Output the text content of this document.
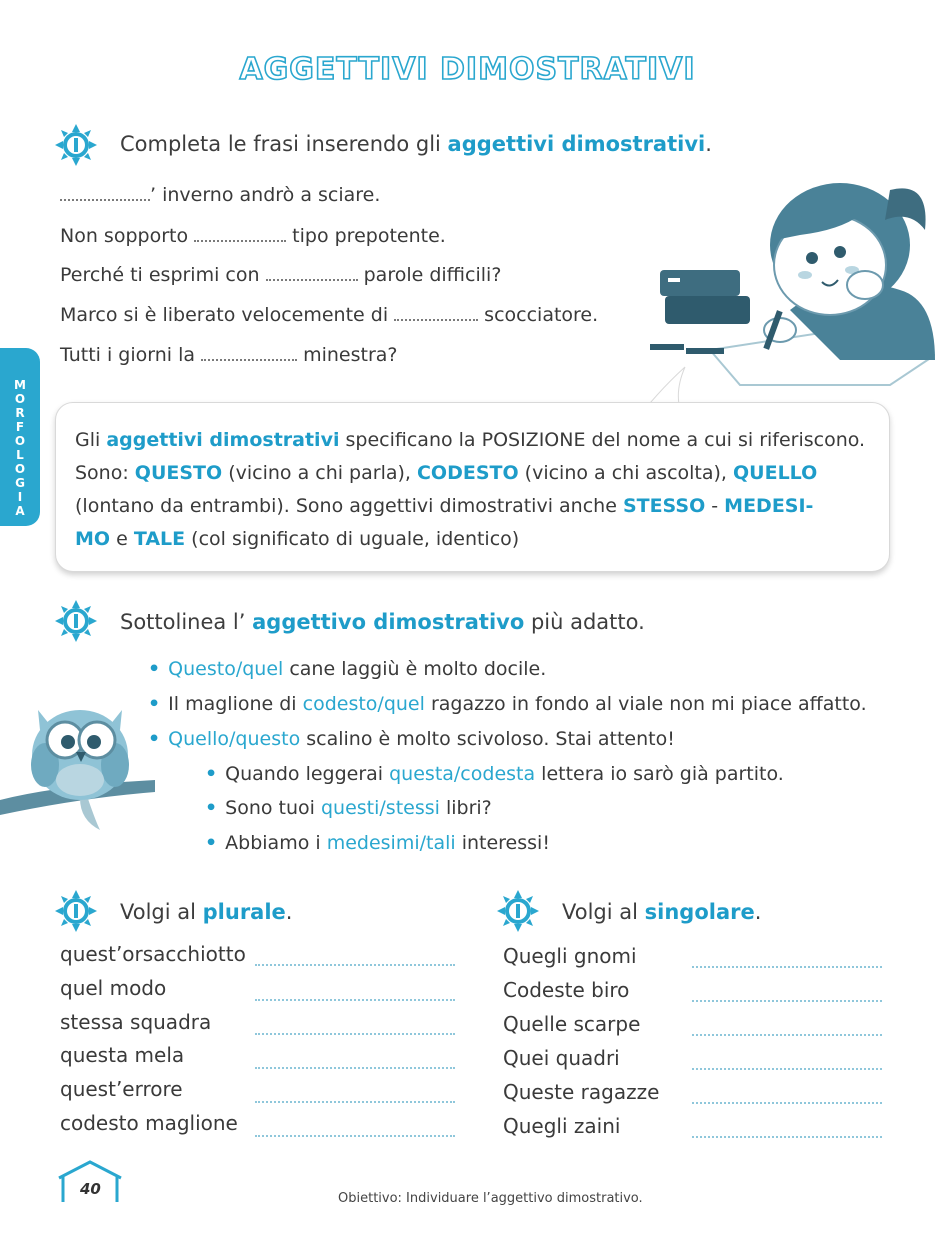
AGGETTIVI DIMOSTRATIVI
M
O
R
F
O
L
O
G
I
A
Completa le frasi inserendo gli aggettivi dimostrativi.
’ inverno andrò a sciare.
Non sopporto	tipo prepotente.
Perché ti esprimi con	parole difficili?
Marco si è liberato velocemente di	scocciatore.
Tutti i giorni la	minestra?
Gli aggettivi dimostrativi specificano la POSIZIONE del nome a cui si riferiscono.
Sono: QUESTO (vicino a chi parla), CODESTO (vicino a chi ascolta), QUELLO
(lontano da entrambi). Sono aggettivi dimostrativi anche STESSO - MEDESI-
MO e TALE (col significato di uguale, identico)
Sottolinea l’ aggettivo dimostrativo più adatto.
• Questo/quel cane laggiù è molto docile.
• Il maglione di codesto/quel ragazzo in fondo al viale non mi piace affatto.
• Quello/questo scalino è molto scivoloso. Stai attento!
• Quando leggerai questa/codesta lettera io sarò già partito.
• Sono tuoi questi/stessi libri?
• Abbiamo i medesimi/tali interessi!
Volgi al plurale.
quest’orsacchiotto
quel modo
stessa squadra
questa mela
quest’errore
codesto maglione
Volgi al singolare.
Quegli gnomi
Codeste biro
Quelle scarpe
Quei quadri
Queste ragazze
Quegli zaini
40
Obiettivo: Individuare l’aggettivo dimostrativo.
